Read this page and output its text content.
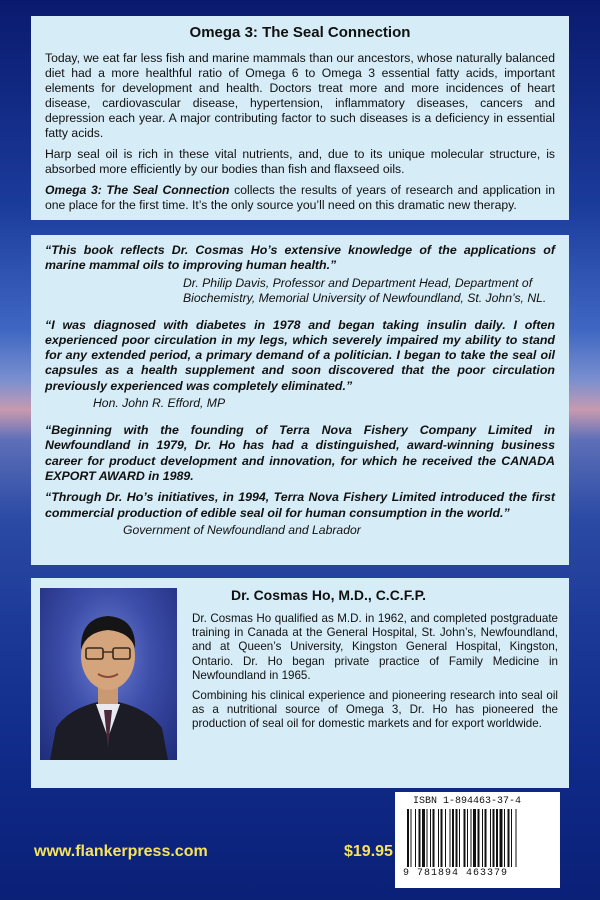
Omega 3: The Seal Connection

Today, we eat far less fish and marine mammals than our ancestors, whose naturally balanced diet had a more healthful ratio of Omega 6 to Omega 3 essential fatty acids, important elements for development and health. Doctors treat more and more incidences of heart disease, cardiovascular disease, hypertension, inflammatory diseases, cancers and depression each year. A major contributing factor to such diseases is a deficiency in essential fatty acids.

Harp seal oil is rich in these vital nutrients, and, due to its unique molecular structure, is absorbed more efficiently by our bodies than fish and flaxseed oils.

Omega 3: The Seal Connection collects the results of years of research and application in one place for the first time. It’s the only source you’ll need on this dramatic new therapy.

“This book reflects Dr. Cosmas Ho’s extensive knowledge of the applications of marine mammal oils to improving human health.”

Dr. Philip Davis, Professor and Department Head, Department of Biochemistry, Memorial University of Newfoundland, St. John’s, NL.

“I was diagnosed with diabetes in 1978 and began taking insulin daily. I often experienced poor circulation in my legs, which severely impaired my ability to stand for any extended period, a primary demand of a politician. I began to take the seal oil capsules as a health supplement and soon discovered that the poor circulation previously experienced was completely eliminated.”

Hon. John R. Efford, MP

“Beginning with the founding of Terra Nova Fishery Company Limited in Newfoundland in 1979, Dr. Ho has had a distinguished, award-winning business career for product development and innovation, for which he received the CANADA EXPORT AWARD in 1989.

“Through Dr. Ho’s initiatives, in 1994, Terra Nova Fishery Limited introduced the first commercial production of edible seal oil for human consumption in the world.”

Government of Newfoundland and Labrador

Dr. Cosmas Ho, M.D., C.C.F.P.

Dr. Cosmas Ho qualified as M.D. in 1962, and completed postgraduate training in Canada at the General Hospital, St. John’s, Newfoundland, and at Queen’s University, Kingston General Hospital, Kingston, Ontario. Dr. Ho began private practice of Family Medicine in Newfoundland in 1965.

Combining his clinical experience and pioneering research into seal oil as a nutritional source of Omega 3, Dr. Ho has pioneered the production of seal oil for domestic markets and for export worldwide.

ISBN 1-894463-37-4

9 781894 463379

www.flankerpress.com	$19.95
